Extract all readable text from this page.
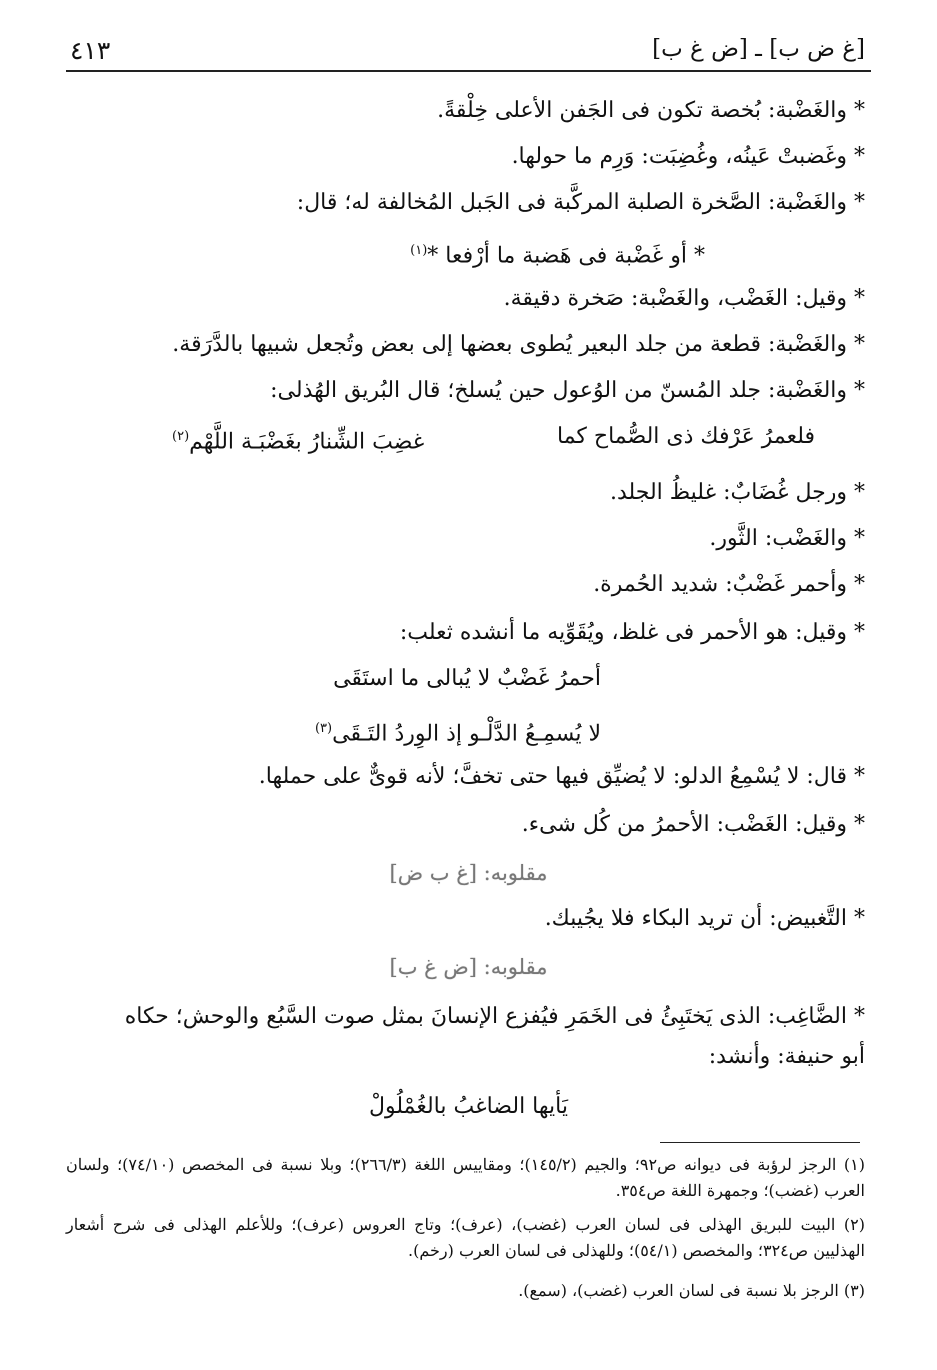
٤١٣	[غ ض ب] ـ [ض غ ب]
* والغَضْبة: بُخصة تكون فى الجَفن الأعلى خِلْقةً.
* وغَضبتْ عَينُه، وغُضِبَت: وَرِم ما حولها.
* والغَضْبة: الصَّخرة الصلبة المركَّبة فى الجَبل المُخالفة له؛ قال:
* أو غَضْبة فى هَضبة ما أرْفعا *$^{(١)}$
* وقيل: الغَضْب، والغَضْبة: صَخرة دقيقة.
* والغَضْبة: قطعة من جلد البعير يُطوى بعضها إلى بعض وتُجعل شبيها بالدَّرَقة.
* والغَضْبة: جلد المُسنّ من الوُعول حين يُسلخ؛ قال البُريق الهُذلى:
فلعمرُ عَرْفك ذى الصُّماح كما
غضِبَ الشِّنارُ بغَضْبَـة اللَّهْم$^{(٢)}$
* ورجل غُضَابٌ: غليظُ الجلد.
* والغَضْب: الثَّور.
* وأحمر غَضْبٌ: شديد الحُمرة.
* وقيل: هو الأحمر فى غلظ، ويُقَوِّيه ما أنشده ثعلب:
أحمرُ غَضْبٌ لا يُبالى ما استَقَى
لا يُسمِـعُ الدَّلْـو إذ الوِردُ التَـقَى$^{(٣)}$
* قال: لا يُسْمِعُ الدلو: لا يُضيِّق فيها حتى تخفَّ؛ لأنه قوىٌّ على حملها.
* وقيل: الغَضْب: الأحمرُ من كُل شىء.
مقلوبه: [غ ب ض]
* التَّغبيض: أن تريد البكاء فلا يجُيبك.
مقلوبه: [ض غ ب]
* الضَّاغِب: الذى يَختَبِئُ فى الخَمَرِ فيُفزع الإنسانَ بمثل صوت السَّبُع والوحش؛ حكاه
أبو حنيفة: وأنشد:
يَأيها الضاغبُ بالغُمْلُولْ
(١) الرجز لرؤبة فى ديوانه ص٩٢؛ والجيم (١٤٥/٢)؛ ومقاييس اللغة (٢٦٦/٣)؛ وبلا نسبة فى المخصص (٧٤/١٠)؛ ولسان العرب (غضب)؛ وجمهرة اللغة ص٣٥٤.
(٢) البيت للبريق الهذلى فى لسان العرب (غضب)، (عرف)؛ وتاج العروس (عرف)؛ وللأعلم الهذلى فى شرح أشعار الهذليين ص٣٢٤؛ والمخصص (٥٤/١)؛ وللهذلى فى لسان العرب (رخم).
(٣) الرجز بلا نسبة فى لسان العرب (غضب)، (سمع).
